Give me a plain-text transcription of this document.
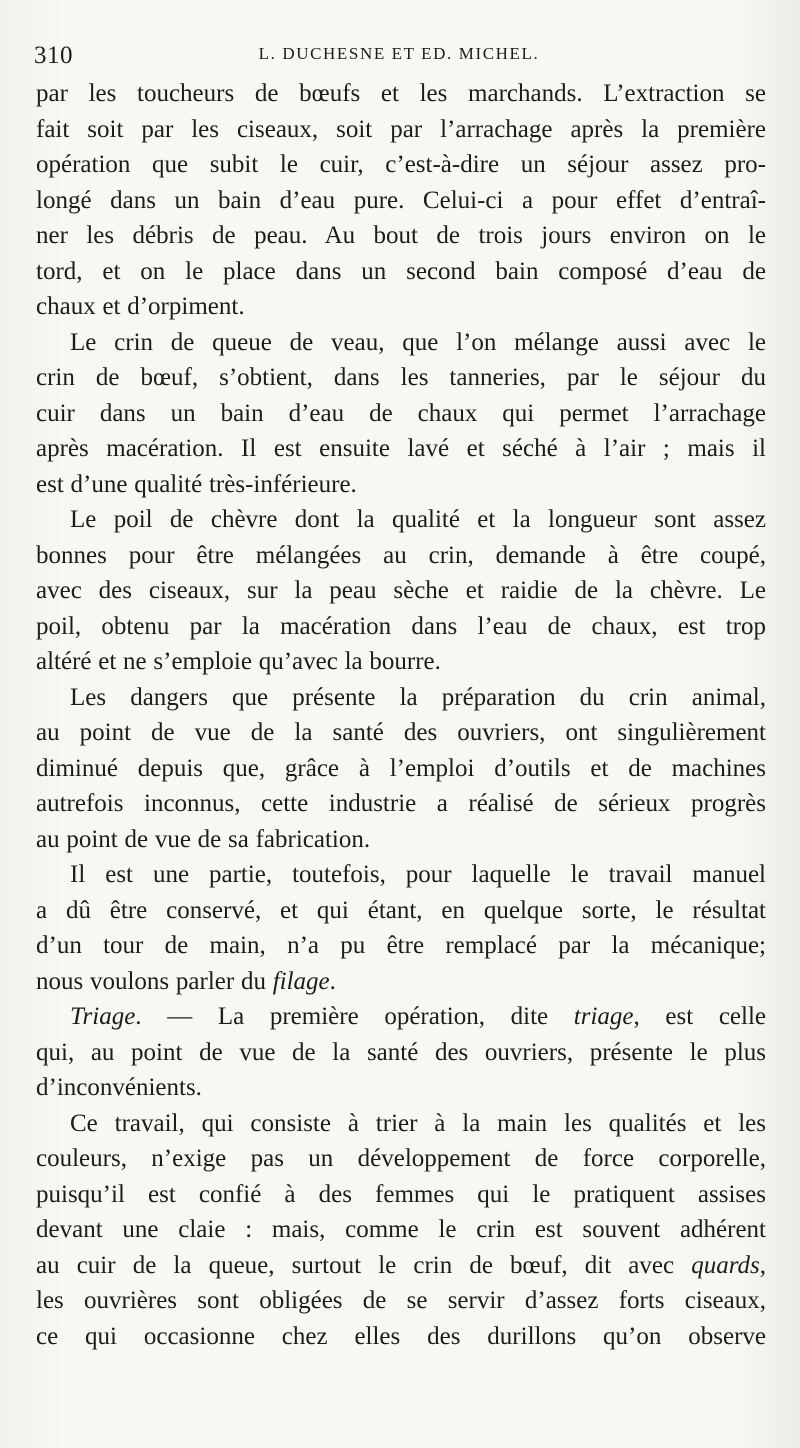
310	L. DUCHESNE ET ED. MICHEL.

par les toucheurs de bœufs et les marchands. L’extraction se
fait soit par les ciseaux, soit par l’arrachage après la première
opération que subit le cuir, c’est-à-dire un séjour assez pro-
longé dans un bain d’eau pure. Celui-ci a pour effet d’entraî-
ner les débris de peau. Au bout de trois jours environ on le
tord, et on le place dans un second bain composé d’eau de
chaux et d’orpiment.

Le crin de queue de veau, que l’on mélange aussi avec le
crin de bœuf, s’obtient, dans les tanneries, par le séjour du
cuir dans un bain d’eau de chaux qui permet l’arrachage
après macération. Il est ensuite lavé et séché à l’air ; mais il
est d’une qualité très-inférieure.

Le poil de chèvre dont la qualité et la longueur sont assez
bonnes pour être mélangées au crin, demande à être coupé,
avec des ciseaux, sur la peau sèche et raidie de la chèvre. Le
poil, obtenu par la macération dans l’eau de chaux, est trop
altéré et ne s’emploie qu’avec la bourre.

Les dangers que présente la préparation du crin animal,
au point de vue de la santé des ouvriers, ont singulièrement
diminué depuis que, grâce à l’emploi d’outils et de machines
autrefois inconnus, cette industrie a réalisé de sérieux progrès
au point de vue de sa fabrication.

Il est une partie, toutefois, pour laquelle le travail manuel
a dû être conservé, et qui étant, en quelque sorte, le résultat
d’un tour de main, n’a pu être remplacé par la mécanique;
nous voulons parler du filage.

Triage. — La première opération, dite triage, est celle
qui, au point de vue de la santé des ouvriers, présente le plus
d’inconvénients.

Ce travail, qui consiste à trier à la main les qualités et les
couleurs, n’exige pas un développement de force corporelle,
puisqu’il est confié à des femmes qui le pratiquent assises
devant une claie : mais, comme le crin est souvent adhérent
au cuir de la queue, surtout le crin de bœuf, dit avec quards,
les ouvrières sont obligées de se servir d’assez forts ciseaux,
ce qui occasionne chez elles des durillons qu’on observe
